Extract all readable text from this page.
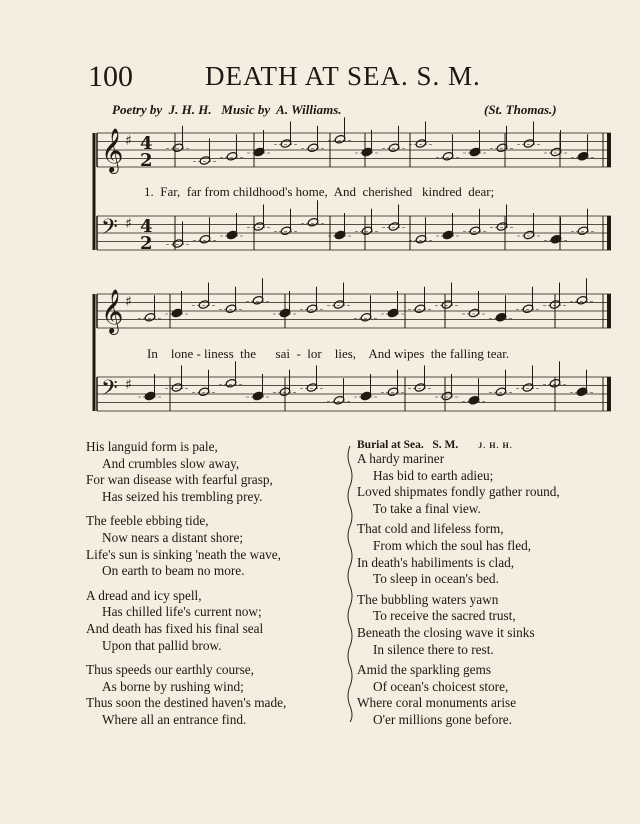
100	DEATH AT SEA. S. M.
Poetry by  J. H. H.   Music by  A. Williams.	(St. Thomas.)
𝄞 ♯ 4
2
𝄢 ♯ 4
2
𝄞 ♯
𝄢 ♯
1.  Far,  far from childhood's home,  And  cherished   kindred  dear;
In    lone - liness  the      sai  -  lor    lies,    And wipes  the falling tear.
His languid form is pale,
And crumbles slow away,
For wan disease with fearful grasp,
Has seized his trembling prey.
The feeble ebbing tide,
Now nears a distant shore;
Life's sun is sinking 'neath the wave,
On earth to beam no more.
A dread and icy spell,
Has chilled life's current now;
And death has fixed his final seal
Upon that pallid brow.
Thus speeds our earthly course,
As borne by rushing wind;
Thus soon the destined haven's made,
Where all an entrance find.
Burial at Sea.   S. M.	J. H. H.
A hardy mariner
Has bid to earth adieu;
Loved shipmates fondly gather round,
To take a final view.
That cold and lifeless form,
From which the soul has fled,
In death's habiliments is clad,
To sleep in ocean's bed.
The bubbling waters yawn
To receive the sacred trust,
Beneath the closing wave it sinks
In silence there to rest.
Amid the sparkling gems
Of ocean's choicest store,
Where coral monuments arise
O'er millions gone before.
